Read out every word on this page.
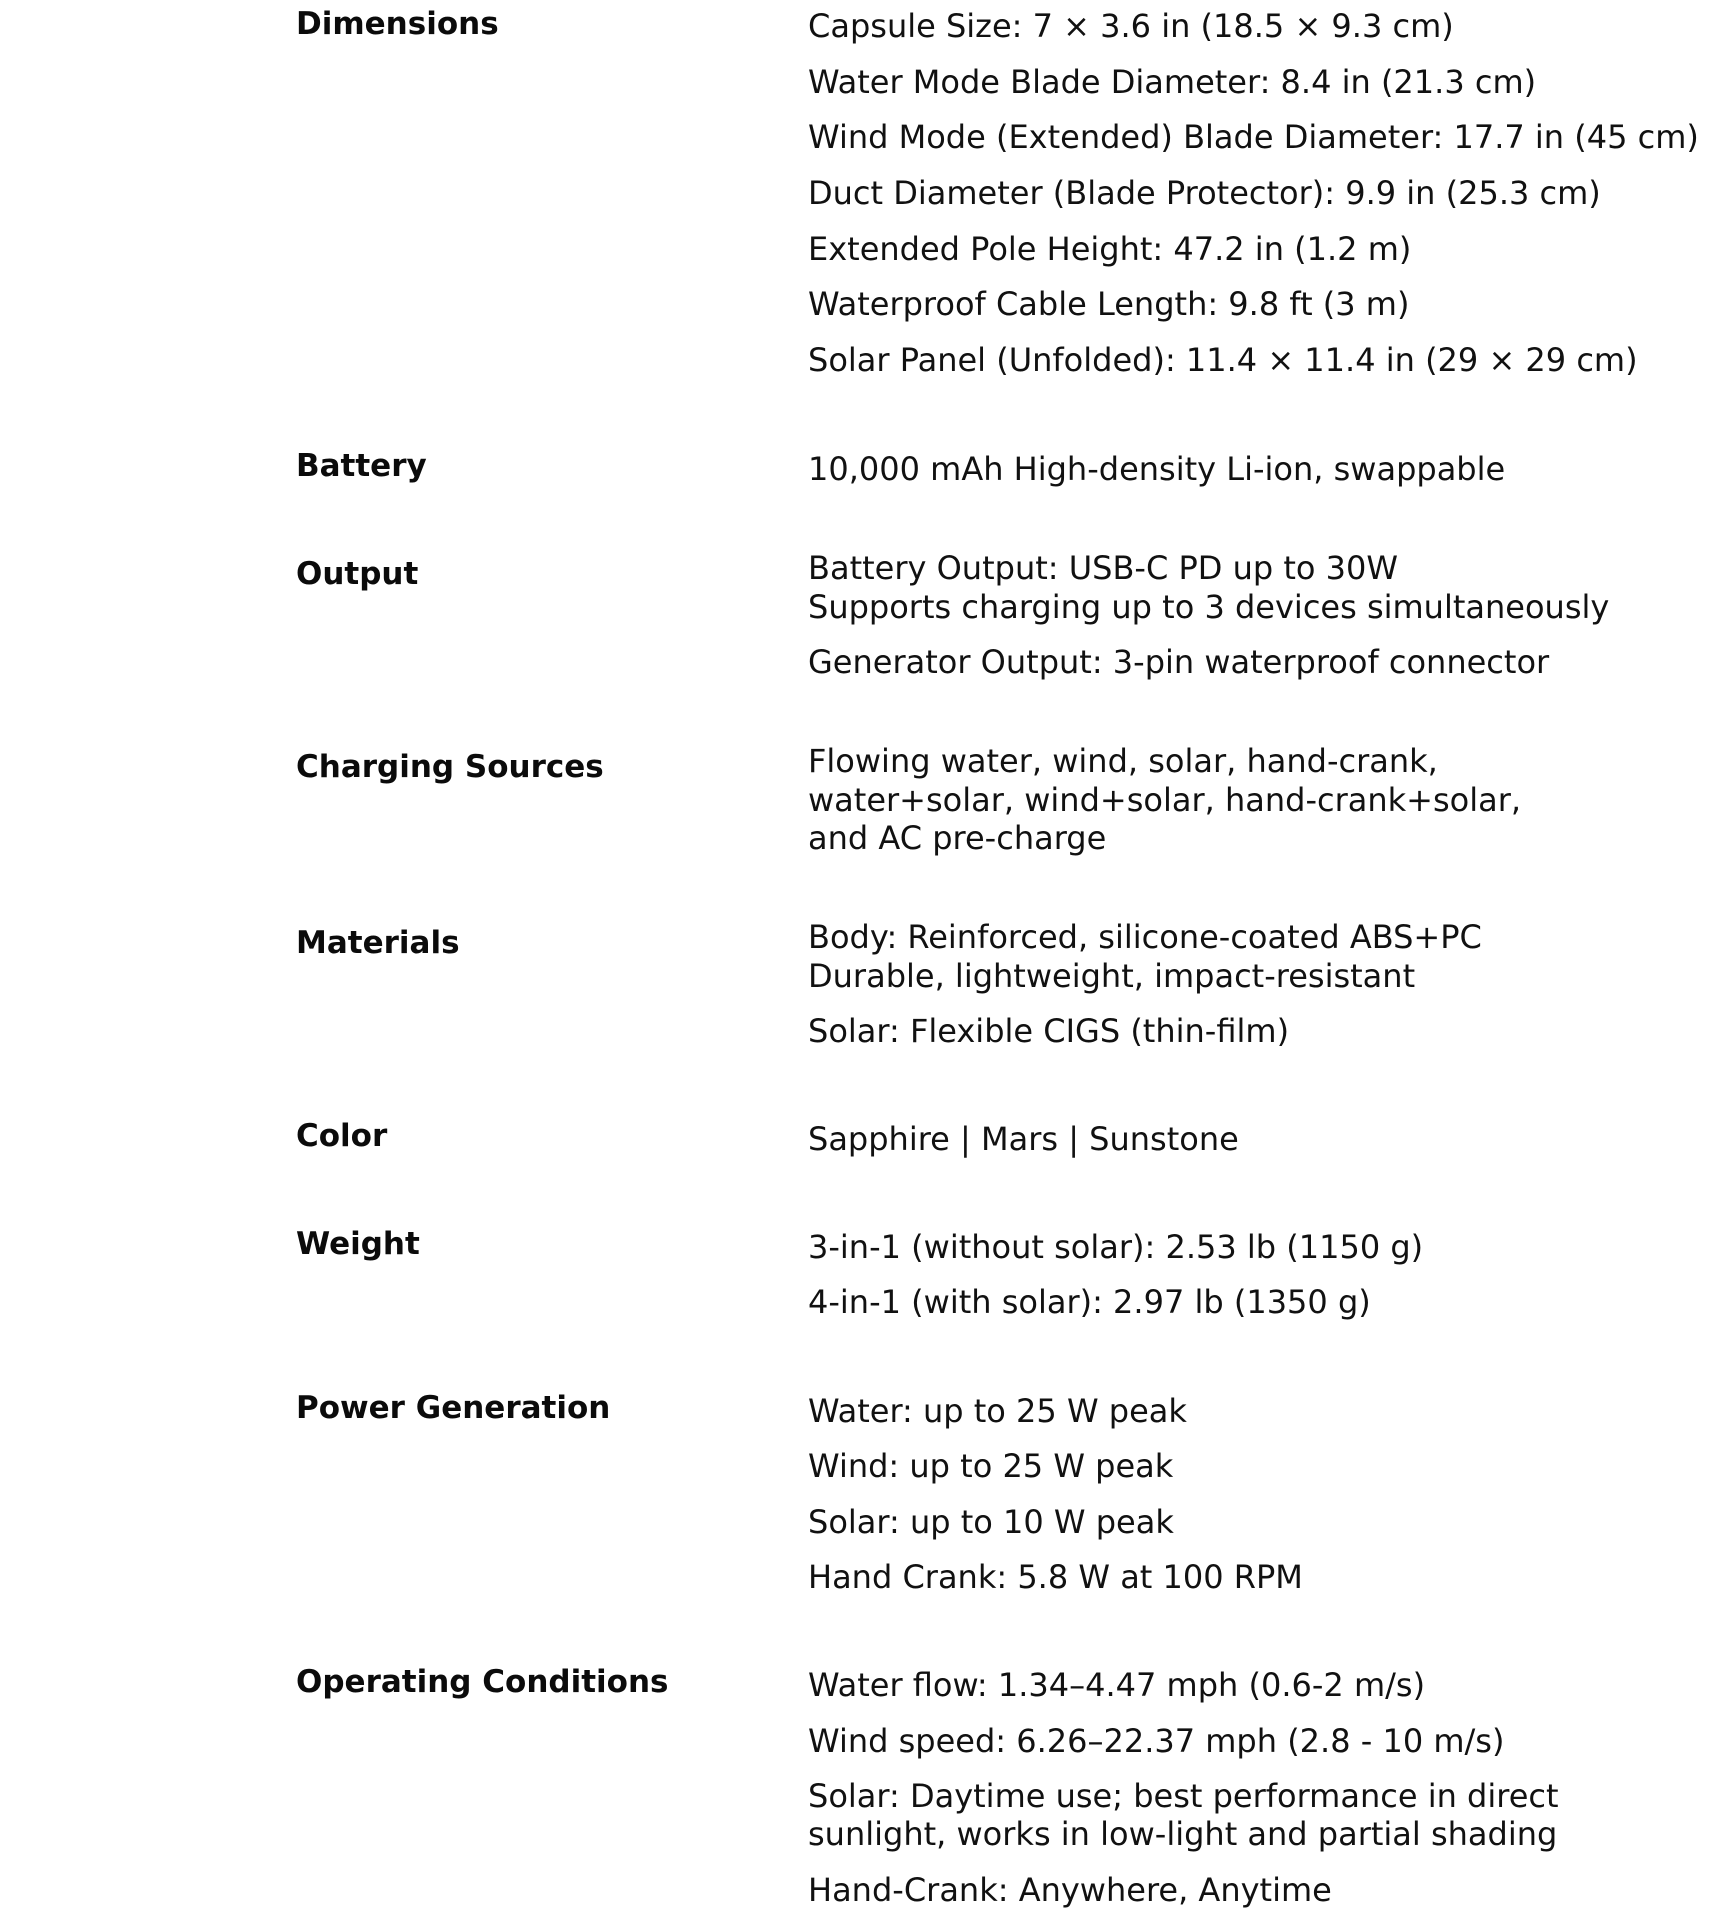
Dimensions	Capsule Size: 7 × 3.6 in (18.5 × 9.3 cm)
Water Mode Blade Diameter: 8.4 in (21.3 cm)
Wind Mode (Extended) Blade Diameter: 17.7 in (45 cm)
Duct Diameter (Blade Protector): 9.9 in (25.3 cm)
Extended Pole Height: 47.2 in (1.2 m)
Waterproof Cable Length: 9.8 ft (3 m)
Solar Panel (Unfolded): 11.4 × 11.4 in (29 × 29 cm)
Battery	10,000 mAh High-density Li-ion, swappable
Output	Battery Output: USB-C PD up to 30W
Supports charging up to 3 devices simultaneously
Generator Output: 3-pin waterproof connector
Charging Sources	Flowing water, wind, solar, hand-crank,
water+solar, wind+solar, hand-crank+solar,
and AC pre-charge
Materials	Body: Reinforced, silicone-coated ABS+PC
Durable, lightweight, impact-resistant
Solar: Flexible CIGS (thin-film)
Color	Sapphire | Mars | Sunstone
Weight	3-in-1 (without solar): 2.53 lb (1150 g)
4-in-1 (with solar): 2.97 lb (1350 g)
Power Generation	Water: up to 25 W peak
Wind: up to 25 W peak
Solar: up to 10 W peak
Hand Crank: 5.8 W at 100 RPM
Operating Conditions	Water flow: 1.34–4.47 mph (0.6-2 m/s)
Wind speed: 6.26–22.37 mph (2.8 - 10 m/s)
Solar: Daytime use; best performance in direct
sunlight, works in low-light and partial shading
Hand-Crank: Anywhere, Anytime
